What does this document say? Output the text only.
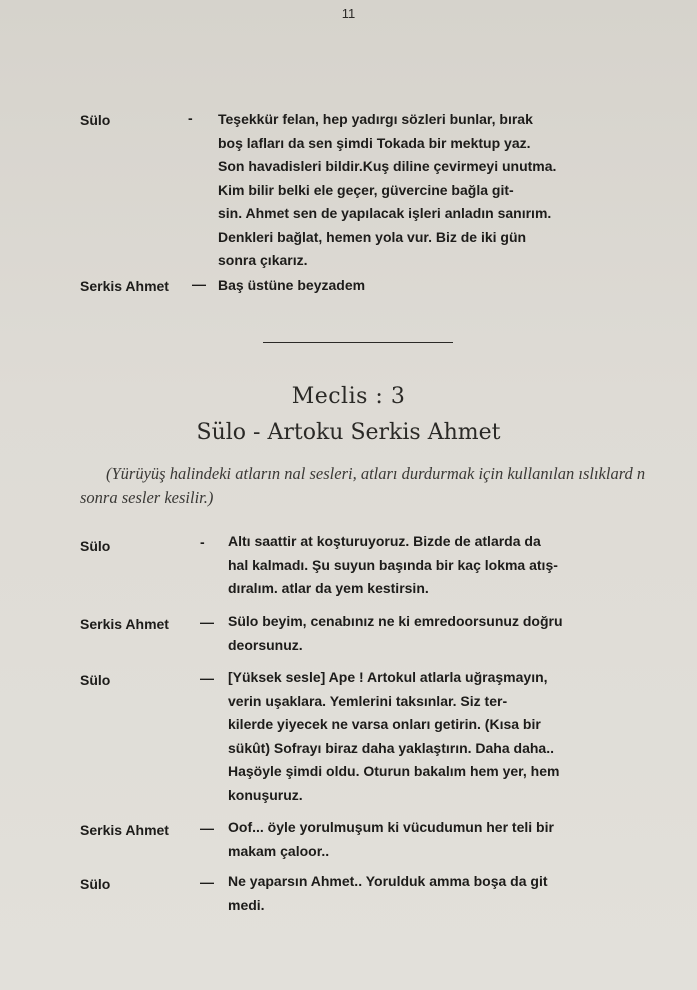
11
Sülo	- Teşekkür felan, hep yadırgı sözleri bunlar, bırak
boş lafları da sen şimdi Tokada bir mektup yaz.
Son havadisleri bildir.Kuş diline çevirmeyi unutma.
Kim bilir belki ele geçer, güvercine bağla git-
sin. Ahmet sen de yapılacak işleri anladın sanırım.
Denkleri bağlat, hemen yola vur. Biz de iki gün
sonra çıkarız.
Serkis Ahmet — Baş üstüne beyzadem
Meclis : 3
Sülo - Artoku Serkis Ahmet
(Yürüyüş halindeki atların nal sesleri, atları durdurmak için kullanılan ıslıklard n sonra sesler kesilir.)
Sülo	- Altı saattir at koşturuyoruz. Bizde de atlarda da
hal kalmadı. Şu suyun başında bir kaç lokma atış-
dıralım. atlar da yem kestirsin.
Serkis Ahmet — Sülo beyim, cenabınız ne ki emredoorsunuz doğru
deorsunuz.
Sülo	— [Yüksek sesle] Ape ! Artokul atlarla uğraşmayın,
verin uşaklara. Yemlerini taksınlar. Siz ter-
kilerde yiyecek ne varsa onları getirin. (Kısa bir
sükût) Sofrayı biraz daha yaklaştırın. Daha daha..
Haşöyle şimdi oldu. Oturun bakalım hem yer, hem
konuşuruz.
Serkis Ahmet — Oof... öyle yorulmuşum ki vücudumun her teli bir
makam çaloor..
Sülo	— Ne yaparsın Ahmet.. Yorulduk amma boşa da git
medi.
